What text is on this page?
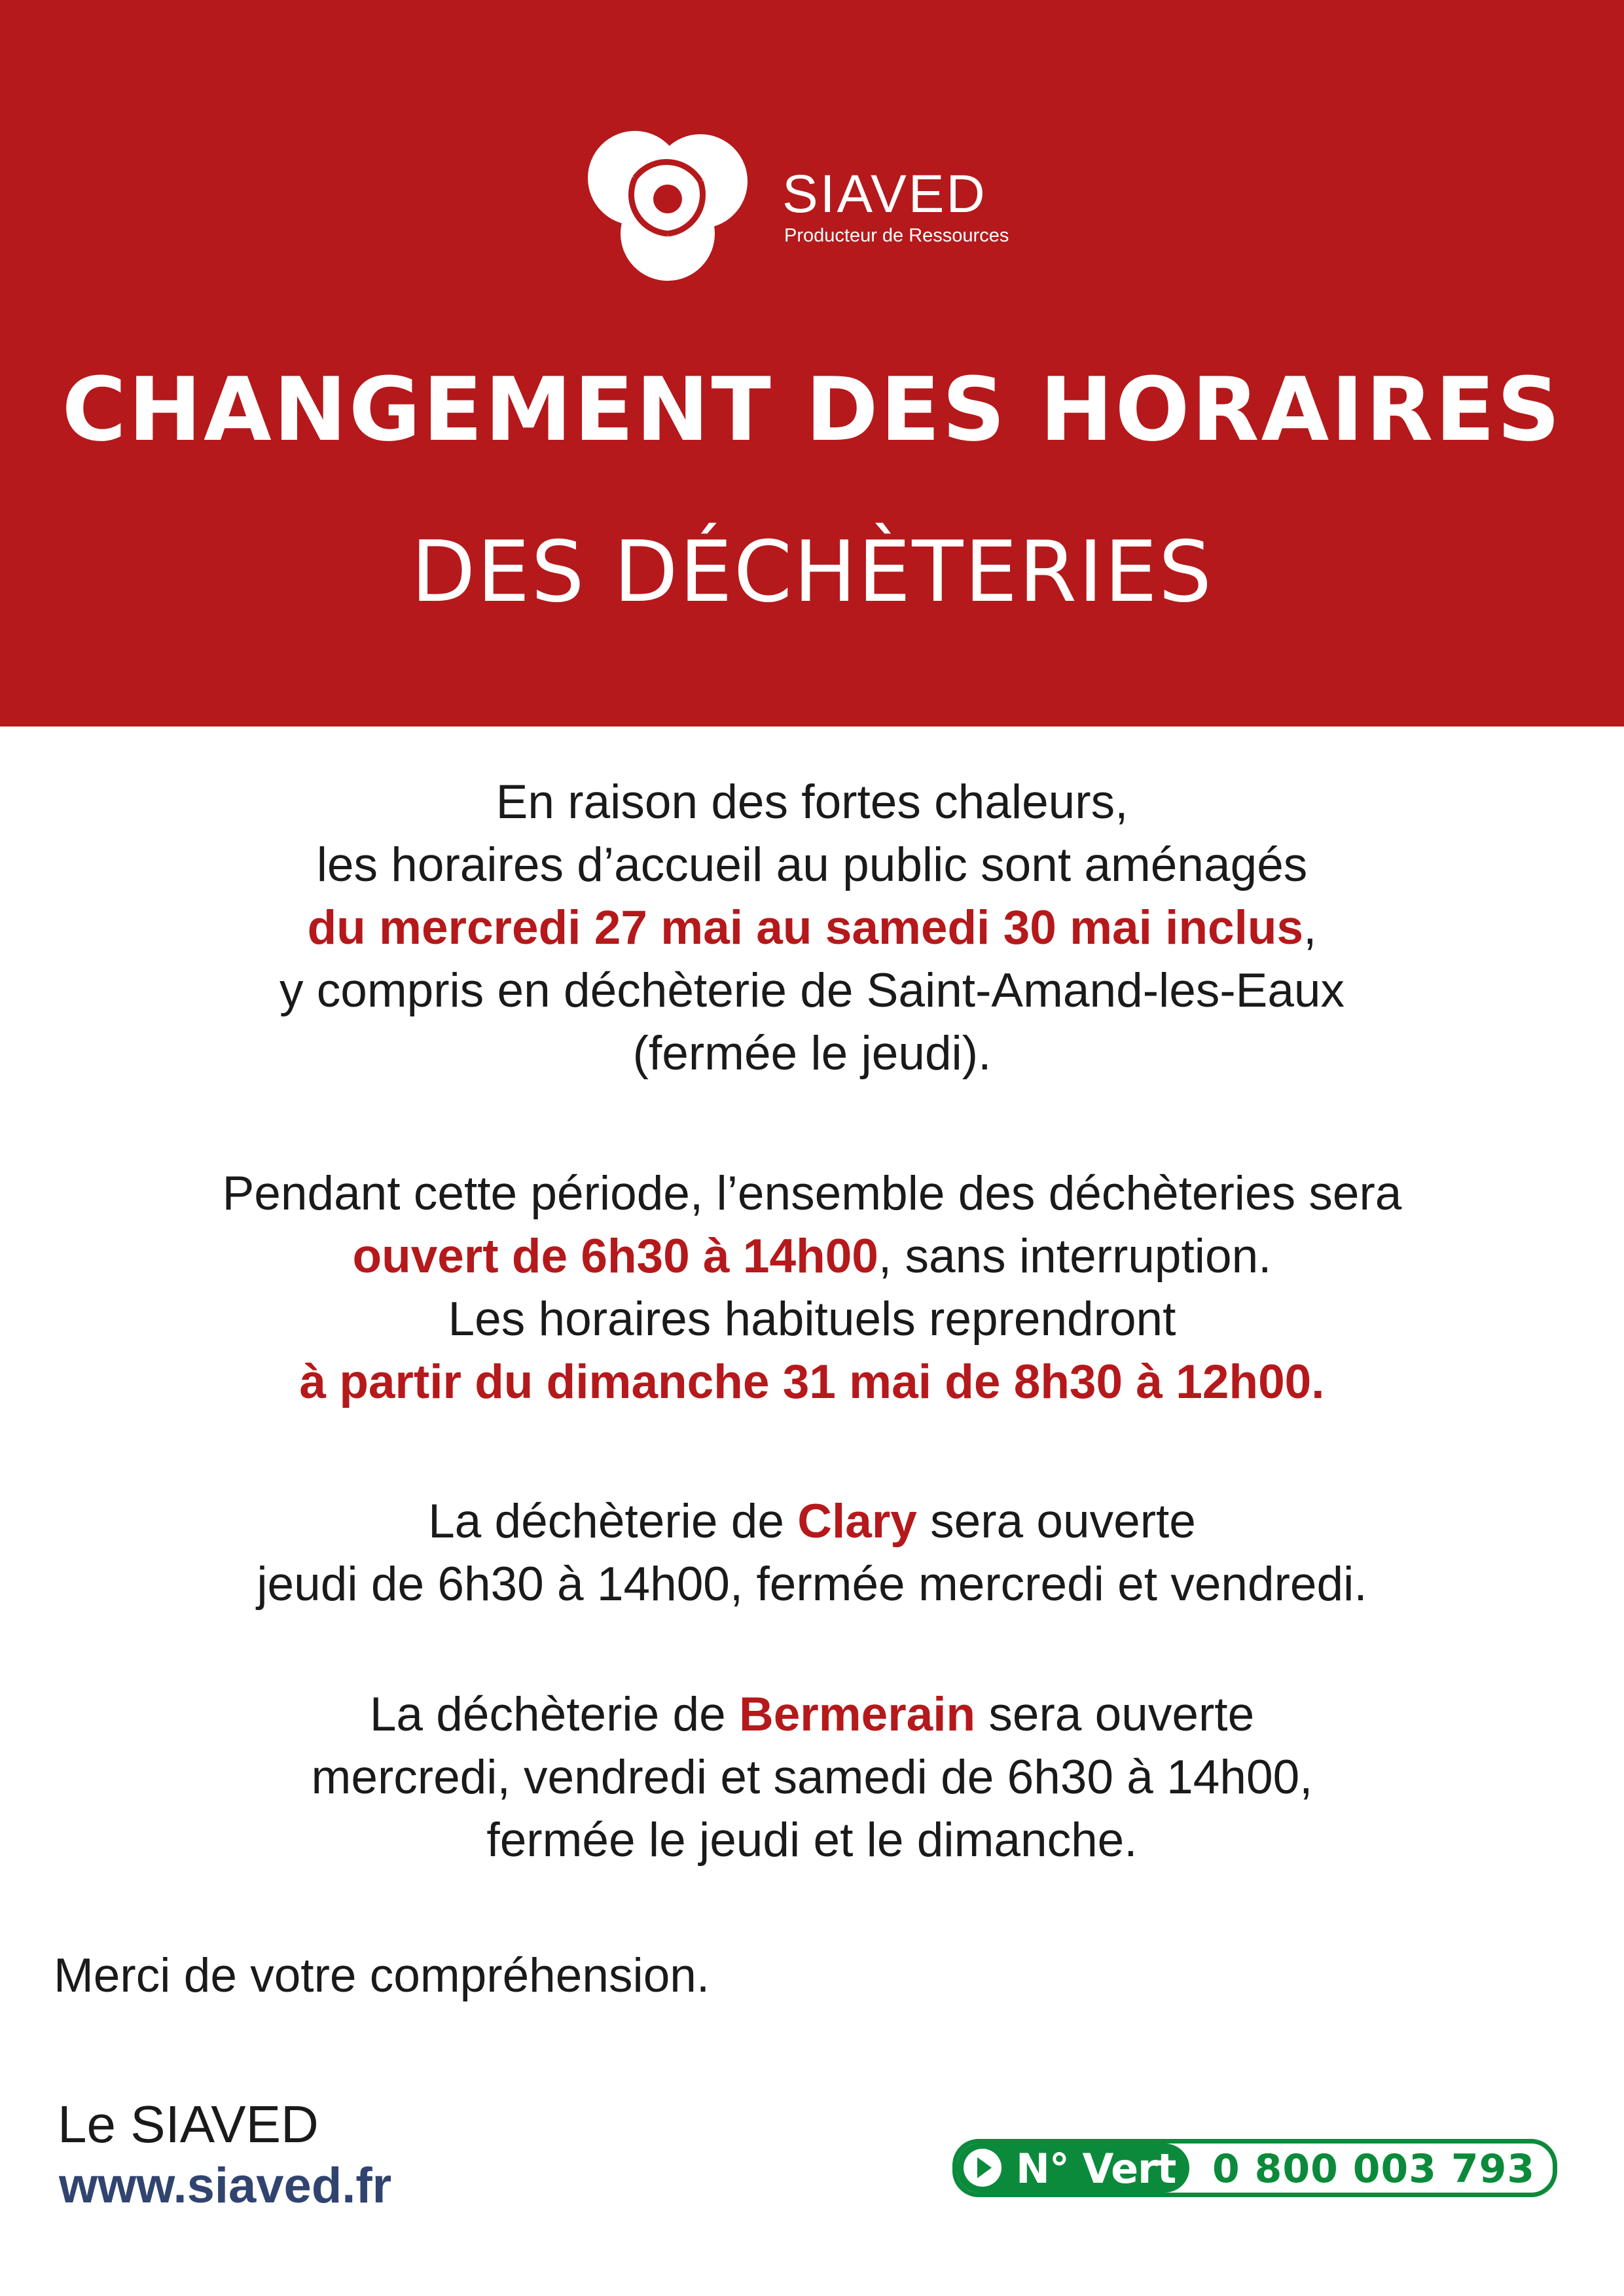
SIAVED
Producteur de Ressources
CHANGEMENT DES HORAIRES
DES DÉCHÈTERIES
En raison des fortes chaleurs,
les horaires d’accueil au public sont aménagés
du mercredi 27 mai au samedi 30 mai inclus,
y compris en déchèterie de Saint-Amand-les-Eaux
(fermée le jeudi).
Pendant cette période, l’ensemble des déchèteries sera
ouvert de 6h30 à 14h00, sans interruption.
Les horaires habituels reprendront
à partir du dimanche 31 mai de 8h30 à 12h00.
La déchèterie de Clary sera ouverte
jeudi de 6h30 à 14h00, fermée mercredi et vendredi.
La déchèterie de Bermerain sera ouverte
mercredi, vendredi et samedi de 6h30 à 14h00,
fermée le jeudi et le dimanche.
Merci de votre compréhension.
Le SIAVED
www.siaved.fr	N° Vert 0 800 003 793
